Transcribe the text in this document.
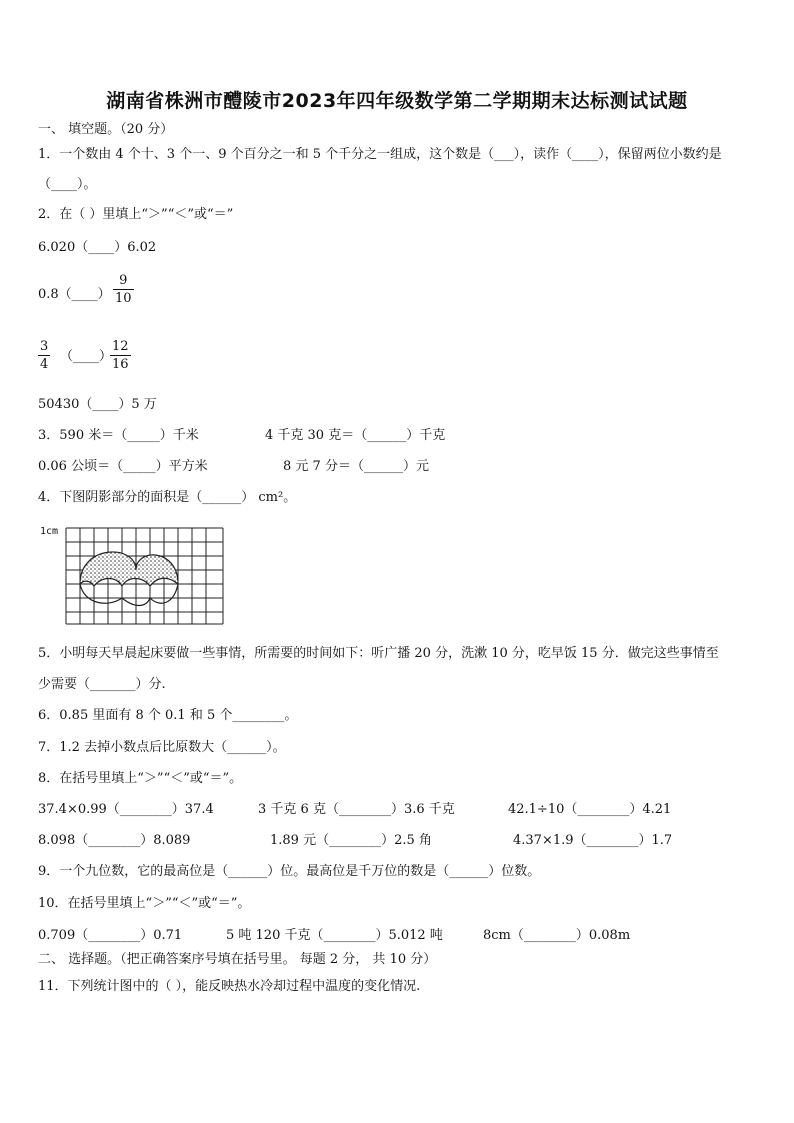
湖南省株洲市醴陵市2023年四年级数学第二学期期末达标测试试题
一、 填空题。（20 分）
1．一个数由 4 个十、3 个一、9 个百分之一和 5 个千分之一组成，这个数是（___），读作（____），保留两位小数约是
（____）。
2．在（ ）里填上“＞”“＜”或“＝”
6.020（____）6.02
0.8（____） $\frac{9}{10}$
$\frac{3}{4}$ （____）
$\frac{12}{16}$
50430（____）5 万
3．590 米＝（_____）千米	4 千克 30 克＝（______）千克
0.06 公顷＝（_____）平方米	8 元 7 分＝（______）元
4．下图阴影部分的面积是（______） cm²。
1cm
5．小明每天早晨起床要做一些事情，所需要的时间如下：听广播 20 分，洗漱 10 分，吃早饭 15 分．做完这些事情至
少需要（_______）分.
6．0.85 里面有 8 个 0.1 和 5 个________。
7．1.2 去掉小数点后比原数大（______）。
8．在括号里填上“＞”“＜”或“＝”。
37.4×0.99（________）37.4	3 千克 6 克（________）3.6 千克	42.1÷10（________）4.21
8.098（________）8.089	1.89 元（________）2.5 角	4.37×1.9（________）1.7
9．一个九位数，它的最高位是（______）位。最高位是千万位的数是（______）位数。
10．在括号里填上“＞”“＜”或“＝”。
0.709（________）0.71	5 吨 120 千克（________）5.012 吨	8cm（________）0.08m
二、 选择题。（把正确答案序号填在括号里。 每题 2 分， 共 10 分）
11．下列统计图中的（ ），能反映热水冷却过程中温度的变化情况.
